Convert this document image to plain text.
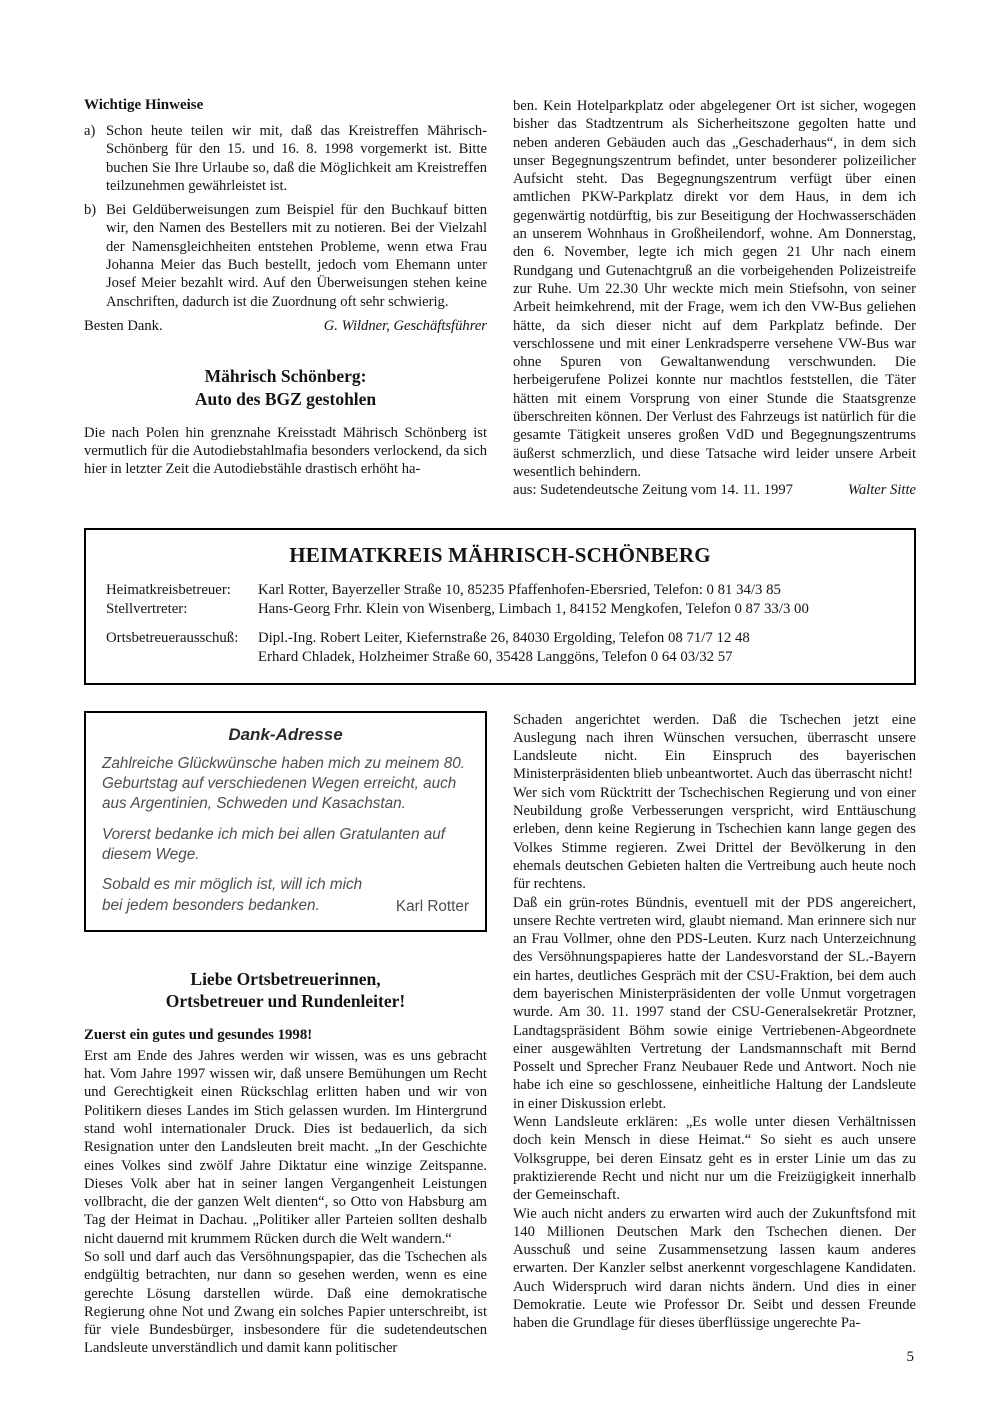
Wichtige Hinweise
a) Schon heute teilen wir mit, daß das Kreistreffen Mährisch-Schönberg für den 15. und 16. 8. 1998 vorgemerkt ist. Bitte buchen Sie Ihre Urlaube so, daß die Möglichkeit am Kreistreffen teilzunehmen gewährleistet ist.

b) Bei Geldüberweisungen zum Beispiel für den Buchkauf bitten wir, den Namen des Bestellers mit zu notieren. Bei der Vielzahl der Namensgleichheiten entstehen Probleme, wenn etwa Frau Johanna Meier das Buch bestellt, jedoch vom Ehemann unter Josef Meier bezahlt wird. Auf den Überweisungen stehen keine Anschriften, dadurch ist die Zuordnung oft sehr schwierig.

Besten Dank.	G. Wildner, Geschäftsführer
Mährisch Schönberg:
Auto des BGZ gestohlen

Die nach Polen hin grenznahe Kreisstadt Mährisch Schönberg ist vermutlich für die Autodiebstahlmafia besonders verlockend, da sich hier in letzter Zeit die Autodiebstähle drastisch erhöht ha-

ben. Kein Hotelparkplatz oder abgelegener Ort ist sicher, wogegen bisher das Stadtzentrum als Sicherheitszone gegolten hatte und neben anderen Gebäuden auch das „Geschaderhaus“, in dem sich unser Begegnungszentrum befindet, unter besonderer polizeilicher Aufsicht steht. Das Begegnungszentrum verfügt über einen amtlichen PKW-Parkplatz direkt vor dem Haus, in dem ich gegenwärtig notdürftig, bis zur Beseitigung der Hochwasserschäden an unserem Wohnhaus in Großheilendorf, wohne. Am Donnerstag, den 6. November, legte ich mich gegen 21 Uhr nach einem Rundgang und Gutenachtgruß an die vorbeigehenden Polizeistreife zur Ruhe. Um 22.30 Uhr weckte mich mein Stiefsohn, von seiner Arbeit heimkehrend, mit der Frage, wem ich den VW-Bus geliehen hätte, da sich dieser nicht auf dem Parkplatz befinde. Der verschlossene und mit einer Lenkradsperre versehene VW-Bus war ohne Spuren von Gewaltanwendung verschwunden. Die herbeigerufene Polizei konnte nur machtlos feststellen, die Täter hätten mit einem Vorsprung von einer Stunde die Staatsgrenze überschreiten können. Der Verlust des Fahrzeugs ist natürlich für die gesamte Tätigkeit unseres großen VdD und Begegnungszentrums äußerst schmerzlich, und diese Tatsache wird leider unsere Arbeit wesentlich behindern.

aus: Sudetendeutsche Zeitung vom 14. 11. 1997	Walter Sitte
HEIMATKREIS MÄHRISCH-SCHÖNBERG
Heimatkreisbetreuer:	Karl Rotter, Bayerzeller Straße 10, 85235 Pfaffenhofen-Ebersried, Telefon: 0 81 34/3 85
Stellvertreter:	Hans-Georg Frhr. Klein von Wisenberg, Limbach 1, 84152 Mengkofen, Telefon 0 87 33/3 00
Ortsbetreuerausschuß:	Dipl.-Ing. Robert Leiter, Kiefernstraße 26, 84030 Ergolding, Telefon 08 71/7 12 48
Erhard Chladek, Holzheimer Straße 60, 35428 Langgöns, Telefon 0 64 03/32 57
Dank-Adresse

Zahlreiche Glückwünsche haben mich zu meinem 80. Geburtstag auf verschiedenen Wegen erreicht, auch aus Argentinien, Schweden und Kasachstan.

Vorerst bedanke ich mich bei allen Gratulanten auf diesem Wege.

Sobald es mir möglich ist, will ich mich bei jedem besonders bedanken.	Karl Rotter
Liebe Ortsbetreuerinnen,
Ortsbetreuer und Rundenleiter!
Zuerst ein gutes und gesundes 1998!

Erst am Ende des Jahres werden wir wissen, was es uns gebracht hat. Vom Jahre 1997 wissen wir, daß unsere Bemühungen um Recht und Gerechtigkeit einen Rückschlag erlitten haben und wir von Politikern dieses Landes im Stich gelassen wurden. Im Hintergrund stand wohl internationaler Druck. Dies ist bedauerlich, da sich Resignation unter den Landsleuten breit macht. „In der Geschichte eines Volkes sind zwölf Jahre Diktatur eine winzige Zeitspanne. Dieses Volk aber hat in seiner langen Vergangenheit Leistungen vollbracht, die der ganzen Welt dienten“, so Otto von Habsburg am Tag der Heimat in Dachau. „Politiker aller Parteien sollten deshalb nicht dauernd mit krummem Rücken durch die Welt wandern.“

So soll und darf auch das Versöhnungspapier, das die Tschechen als endgültig betrachten, nur dann so gesehen werden, wenn es eine gerechte Lösung darstellen würde. Daß eine demokratische Regierung ohne Not und Zwang ein solches Papier unterschreibt, ist für viele Bundesbürger, insbesondere für die sudetendeutschen Landsleute unverständlich und damit kann politischer

Schaden angerichtet werden. Daß die Tschechen jetzt eine Auslegung nach ihren Wünschen versuchen, überrascht unsere Landsleute nicht. Ein Einspruch des bayerischen Ministerpräsidenten blieb unbeantwortet. Auch das überrascht nicht!

Wer sich vom Rücktritt der Tschechischen Regierung und von einer Neubildung große Verbesserungen verspricht, wird Enttäuschung erleben, denn keine Regierung in Tschechien kann lange gegen des Volkes Stimme regieren. Zwei Drittel der Bevölkerung in den ehemals deutschen Gebieten halten die Vertreibung auch heute noch für rechtens.

Daß ein grün-rotes Bündnis, eventuell mit der PDS angereichert, unsere Rechte vertreten wird, glaubt niemand. Man erinnere sich nur an Frau Vollmer, ohne den PDS-Leuten. Kurz nach Unterzeichnung des Versöhnungspapieres hatte der Landesvorstand der SL.-Bayern ein hartes, deutliches Gespräch mit der CSU-Fraktion, bei dem auch dem bayerischen Ministerpräsidenten der volle Unmut vorgetragen wurde. Am 30. 11. 1997 stand der CSU-Generalsekretär Protzner, Landtagspräsident Böhm sowie einige Vertriebenen-Abgeordnete einer ausgewählten Vertretung der Landsmannschaft mit Bernd Posselt und Sprecher Franz Neubauer Rede und Antwort. Noch nie habe ich eine so geschlossene, einheitliche Haltung der Landsleute in einer Diskussion erlebt.

Wenn Landsleute erklären: „Es wolle unter diesen Verhältnissen doch kein Mensch in diese Heimat.“ So sieht es auch unsere Volksgruppe, bei deren Einsatz geht es in erster Linie um das zu praktizierende Recht und nicht nur um die Freizügigkeit innerhalb der Gemeinschaft.

Wie auch nicht anders zu erwarten wird auch der Zukunftsfond mit 140 Millionen Deutschen Mark den Tschechen dienen. Der Ausschuß und seine Zusammensetzung lassen kaum anderes erwarten. Der Kanzler selbst anerkennt vorgeschlagene Kandidaten. Auch Widerspruch wird daran nichts ändern. Und dies in einer Demokratie. Leute wie Professor Dr. Seibt und dessen Freunde haben die Grundlage für dieses überflüssige ungerechte Pa-

5
